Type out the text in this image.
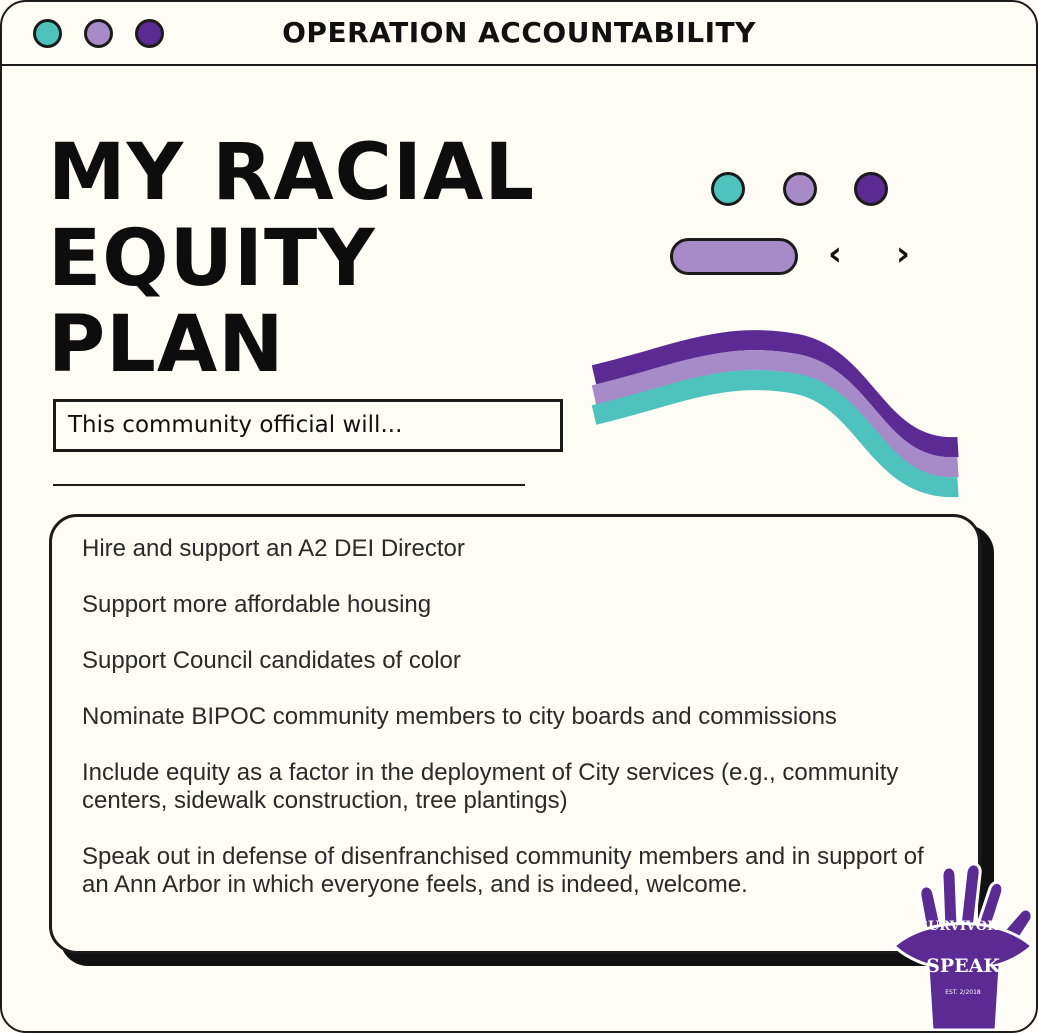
OPERATION ACCOUNTABILITY
MY RACIAL
EQUITY
PLAN
This community official will...
‹ ›

Hire and support an A2 DEI Director

Support more affordable housing

Support Council candidates of color

Nominate BIPOC community members to city boards and commissions

Include equity as a factor in the deployment of City services (e.g., community centers, sidewalk construction, tree plantings)

Speak out in defense of disenfranchised community members and in support of an Ann Arbor in which everyone feels, and is indeed, welcome.

SURVIVORS
SPEAK
EST. 2/2018
